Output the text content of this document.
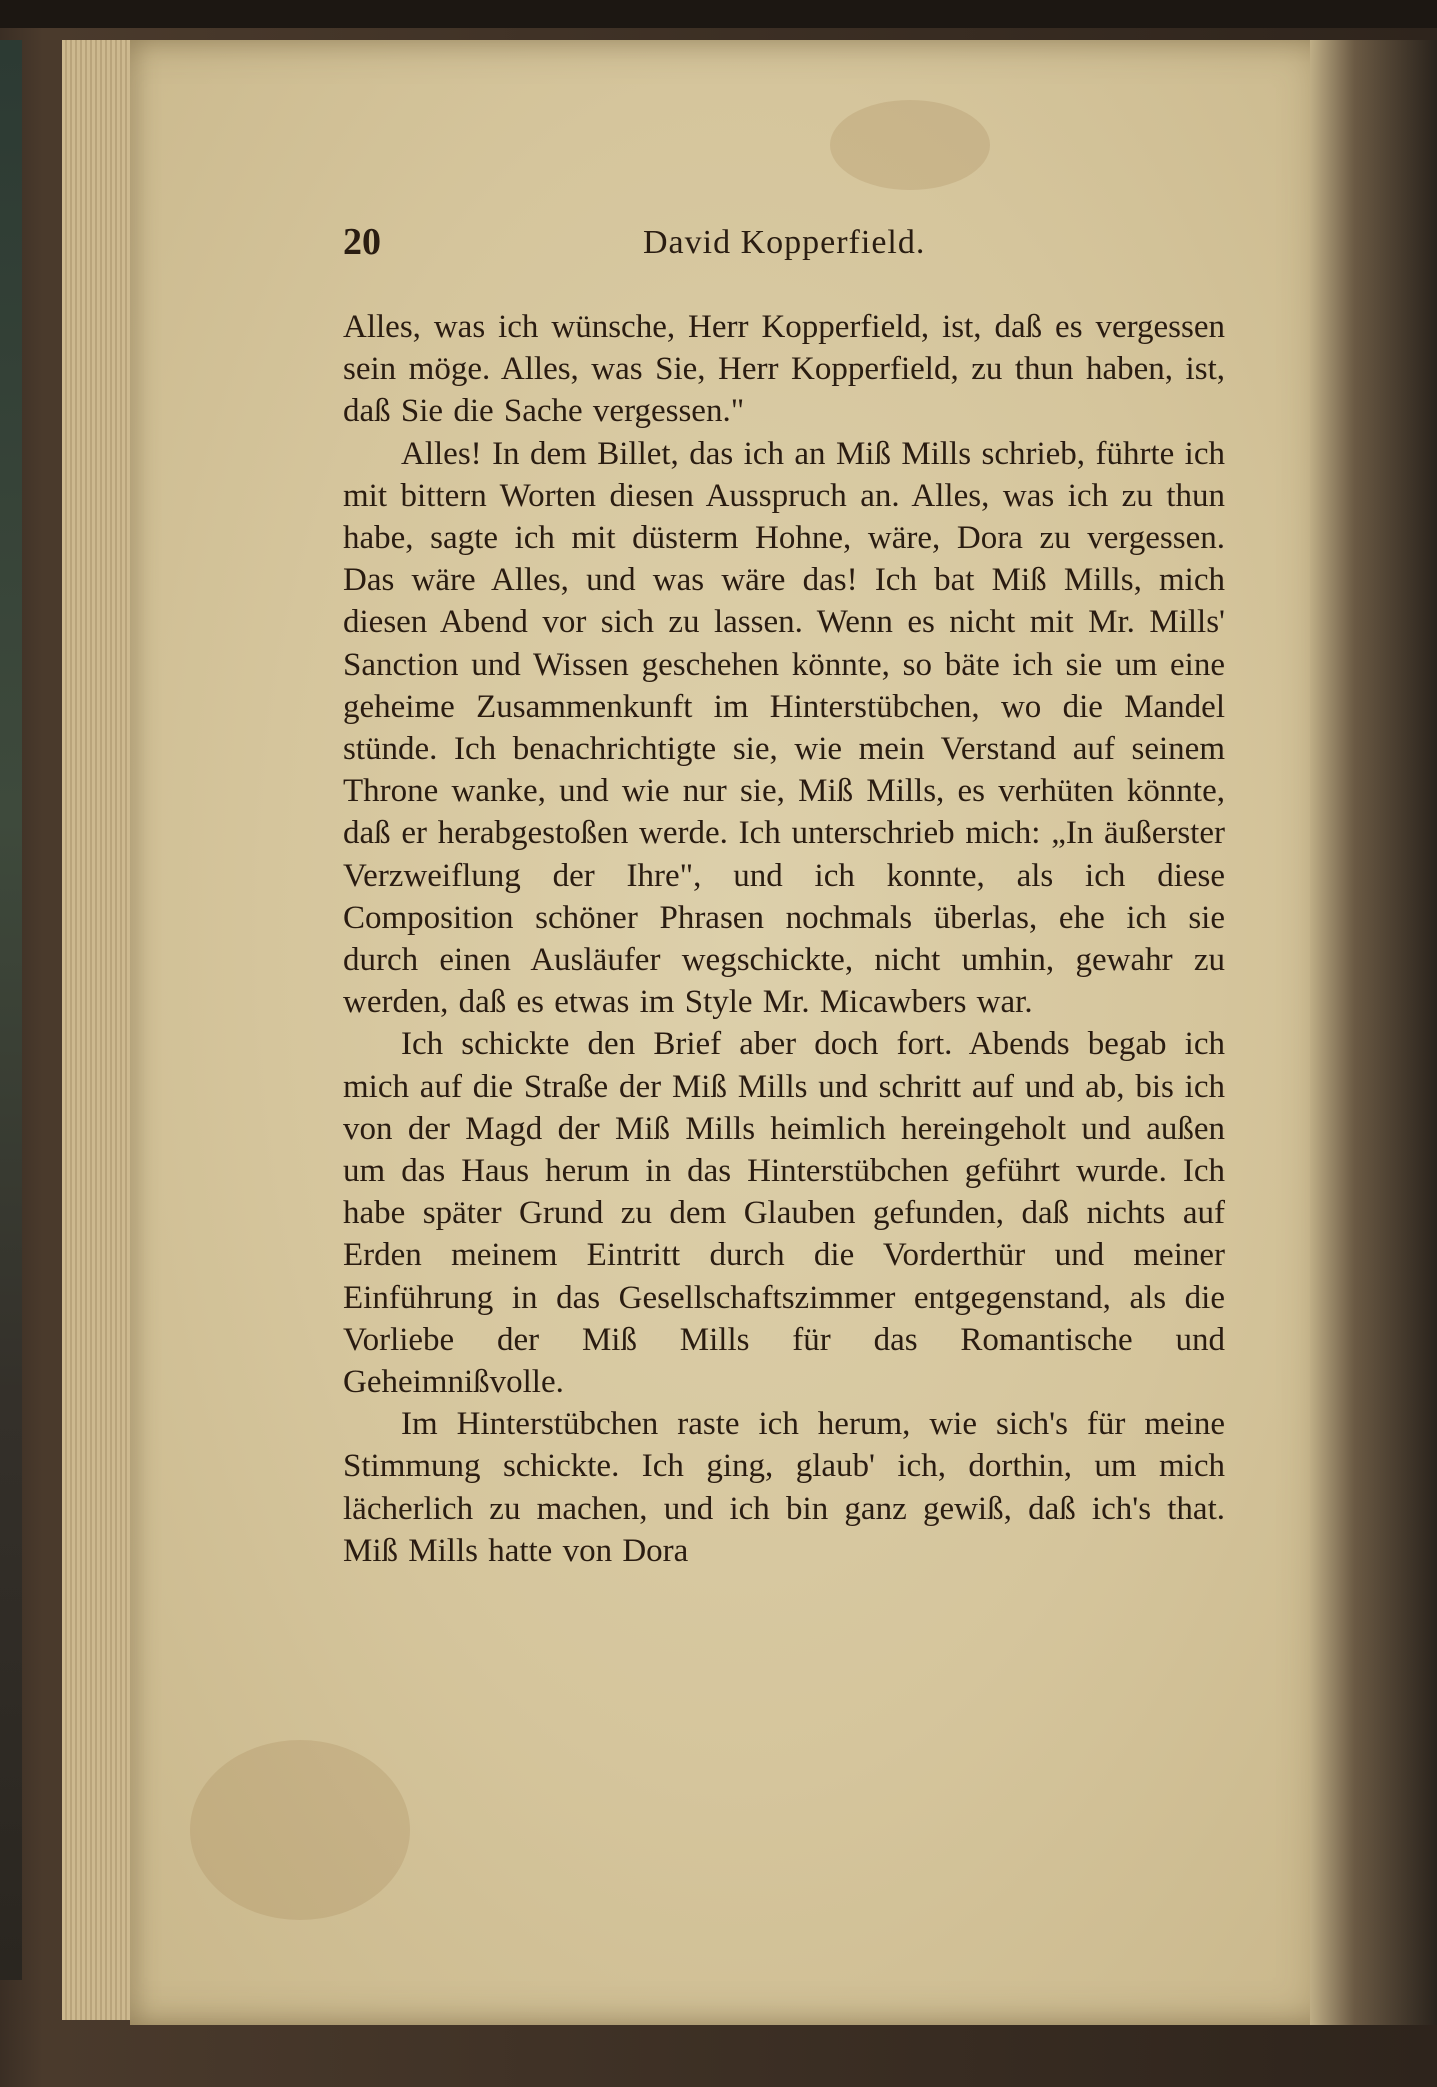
20	David Kopperfield.

Alles, was ich wünsche, Herr Kopperfield, ist, daß es vergessen sein möge. Alles, was Sie, Herr Kopperfield, zu thun haben, ist, daß Sie die Sache vergessen."

Alles! In dem Billet, das ich an Miß Mills schrieb, führte ich mit bittern Worten diesen Ausspruch an. Alles, was ich zu thun habe, sagte ich mit düsterm Hohne, wäre, Dora zu vergessen. Das wäre Alles, und was wäre das! Ich bat Miß Mills, mich diesen Abend vor sich zu lassen. Wenn es nicht mit Mr. Mills' Sanction und Wissen geschehen könnte, so bäte ich sie um eine geheime Zusammenkunft im Hinterstübchen, wo die Mandel stünde. Ich benachrichtigte sie, wie mein Verstand auf seinem Throne wanke, und wie nur sie, Miß Mills, es verhüten könnte, daß er herabgestoßen werde. Ich unterschrieb mich: „In äußerster Verzweiflung der Ihre", und ich konnte, als ich diese Composition schöner Phrasen nochmals überlas, ehe ich sie durch einen Ausläufer wegschickte, nicht umhin, gewahr zu werden, daß es etwas im Style Mr. Micawbers war.

Ich schickte den Brief aber doch fort. Abends begab ich mich auf die Straße der Miß Mills und schritt auf und ab, bis ich von der Magd der Miß Mills heimlich hereingeholt und außen um das Haus herum in das Hinterstübchen geführt wurde. Ich habe später Grund zu dem Glauben gefunden, daß nichts auf Erden meinem Eintritt durch die Vorderthür und meiner Einführung in das Gesellschaftszimmer entgegenstand, als die Vorliebe der Miß Mills für das Romantische und Geheimnißvolle.

Im Hinterstübchen raste ich herum, wie sich's für meine Stimmung schickte. Ich ging, glaub' ich, dorthin, um mich lächerlich zu machen, und ich bin ganz gewiß, daß ich's that. Miß Mills hatte von Dora
